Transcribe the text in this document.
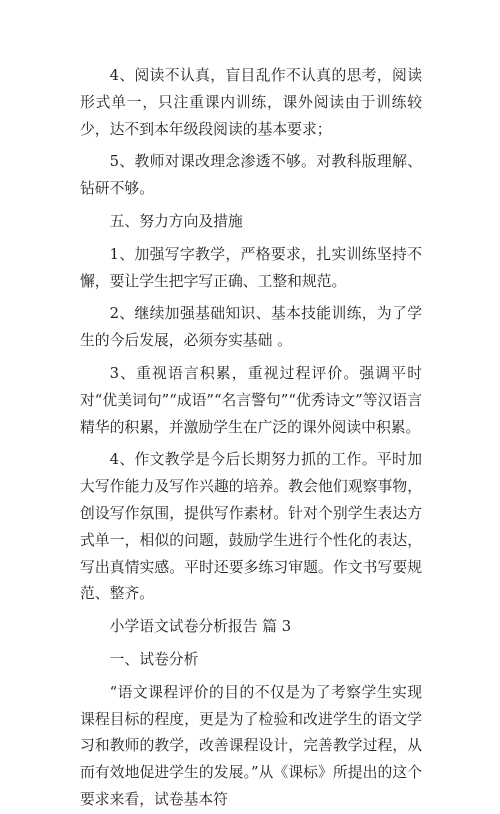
4、阅读不认真，盲目乱作不认真的思考，阅读形式单一，只注重课内训练，课外阅读由于训练较少，达不到本年级段阅读的基本要求；

5、教师对课改理念渗透不够。对教科版理解、钻研不够。

五、努力方向及措施

1、加强写字教学，严格要求，扎实训练坚持不懈，要让学生把字写正确、工整和规范。

2、继续加强基础知识、基本技能训练，为了学生的今后发展，必须夯实基础 。

3、重视语言积累，重视过程评价。强调平时对“优美词句”“成语”“名言警句”“优秀诗文”等汉语言精华的积累，并激励学生在广泛的课外阅读中积累。

4、作文教学是今后长期努力抓的工作。平时加大写作能力及写作兴趣的培养。教会他们观察事物，创设写作氛围，提供写作素材。针对个别学生表达方式单一，相似的问题，鼓励学生进行个性化的表达，写出真情实感。平时还要多练习审题。作文书写要规范、整齐。

小学语文试卷分析报告 篇 3

一、试卷分析

“语文课程评价的目的不仅是为了考察学生实现课程目标的程度，更是为了检验和改进学生的语文学习和教师的教学，改善课程设计，完善教学过程，从而有效地促进学生的发展。”从《课标》所提出的这个要求来看，试卷基本符
